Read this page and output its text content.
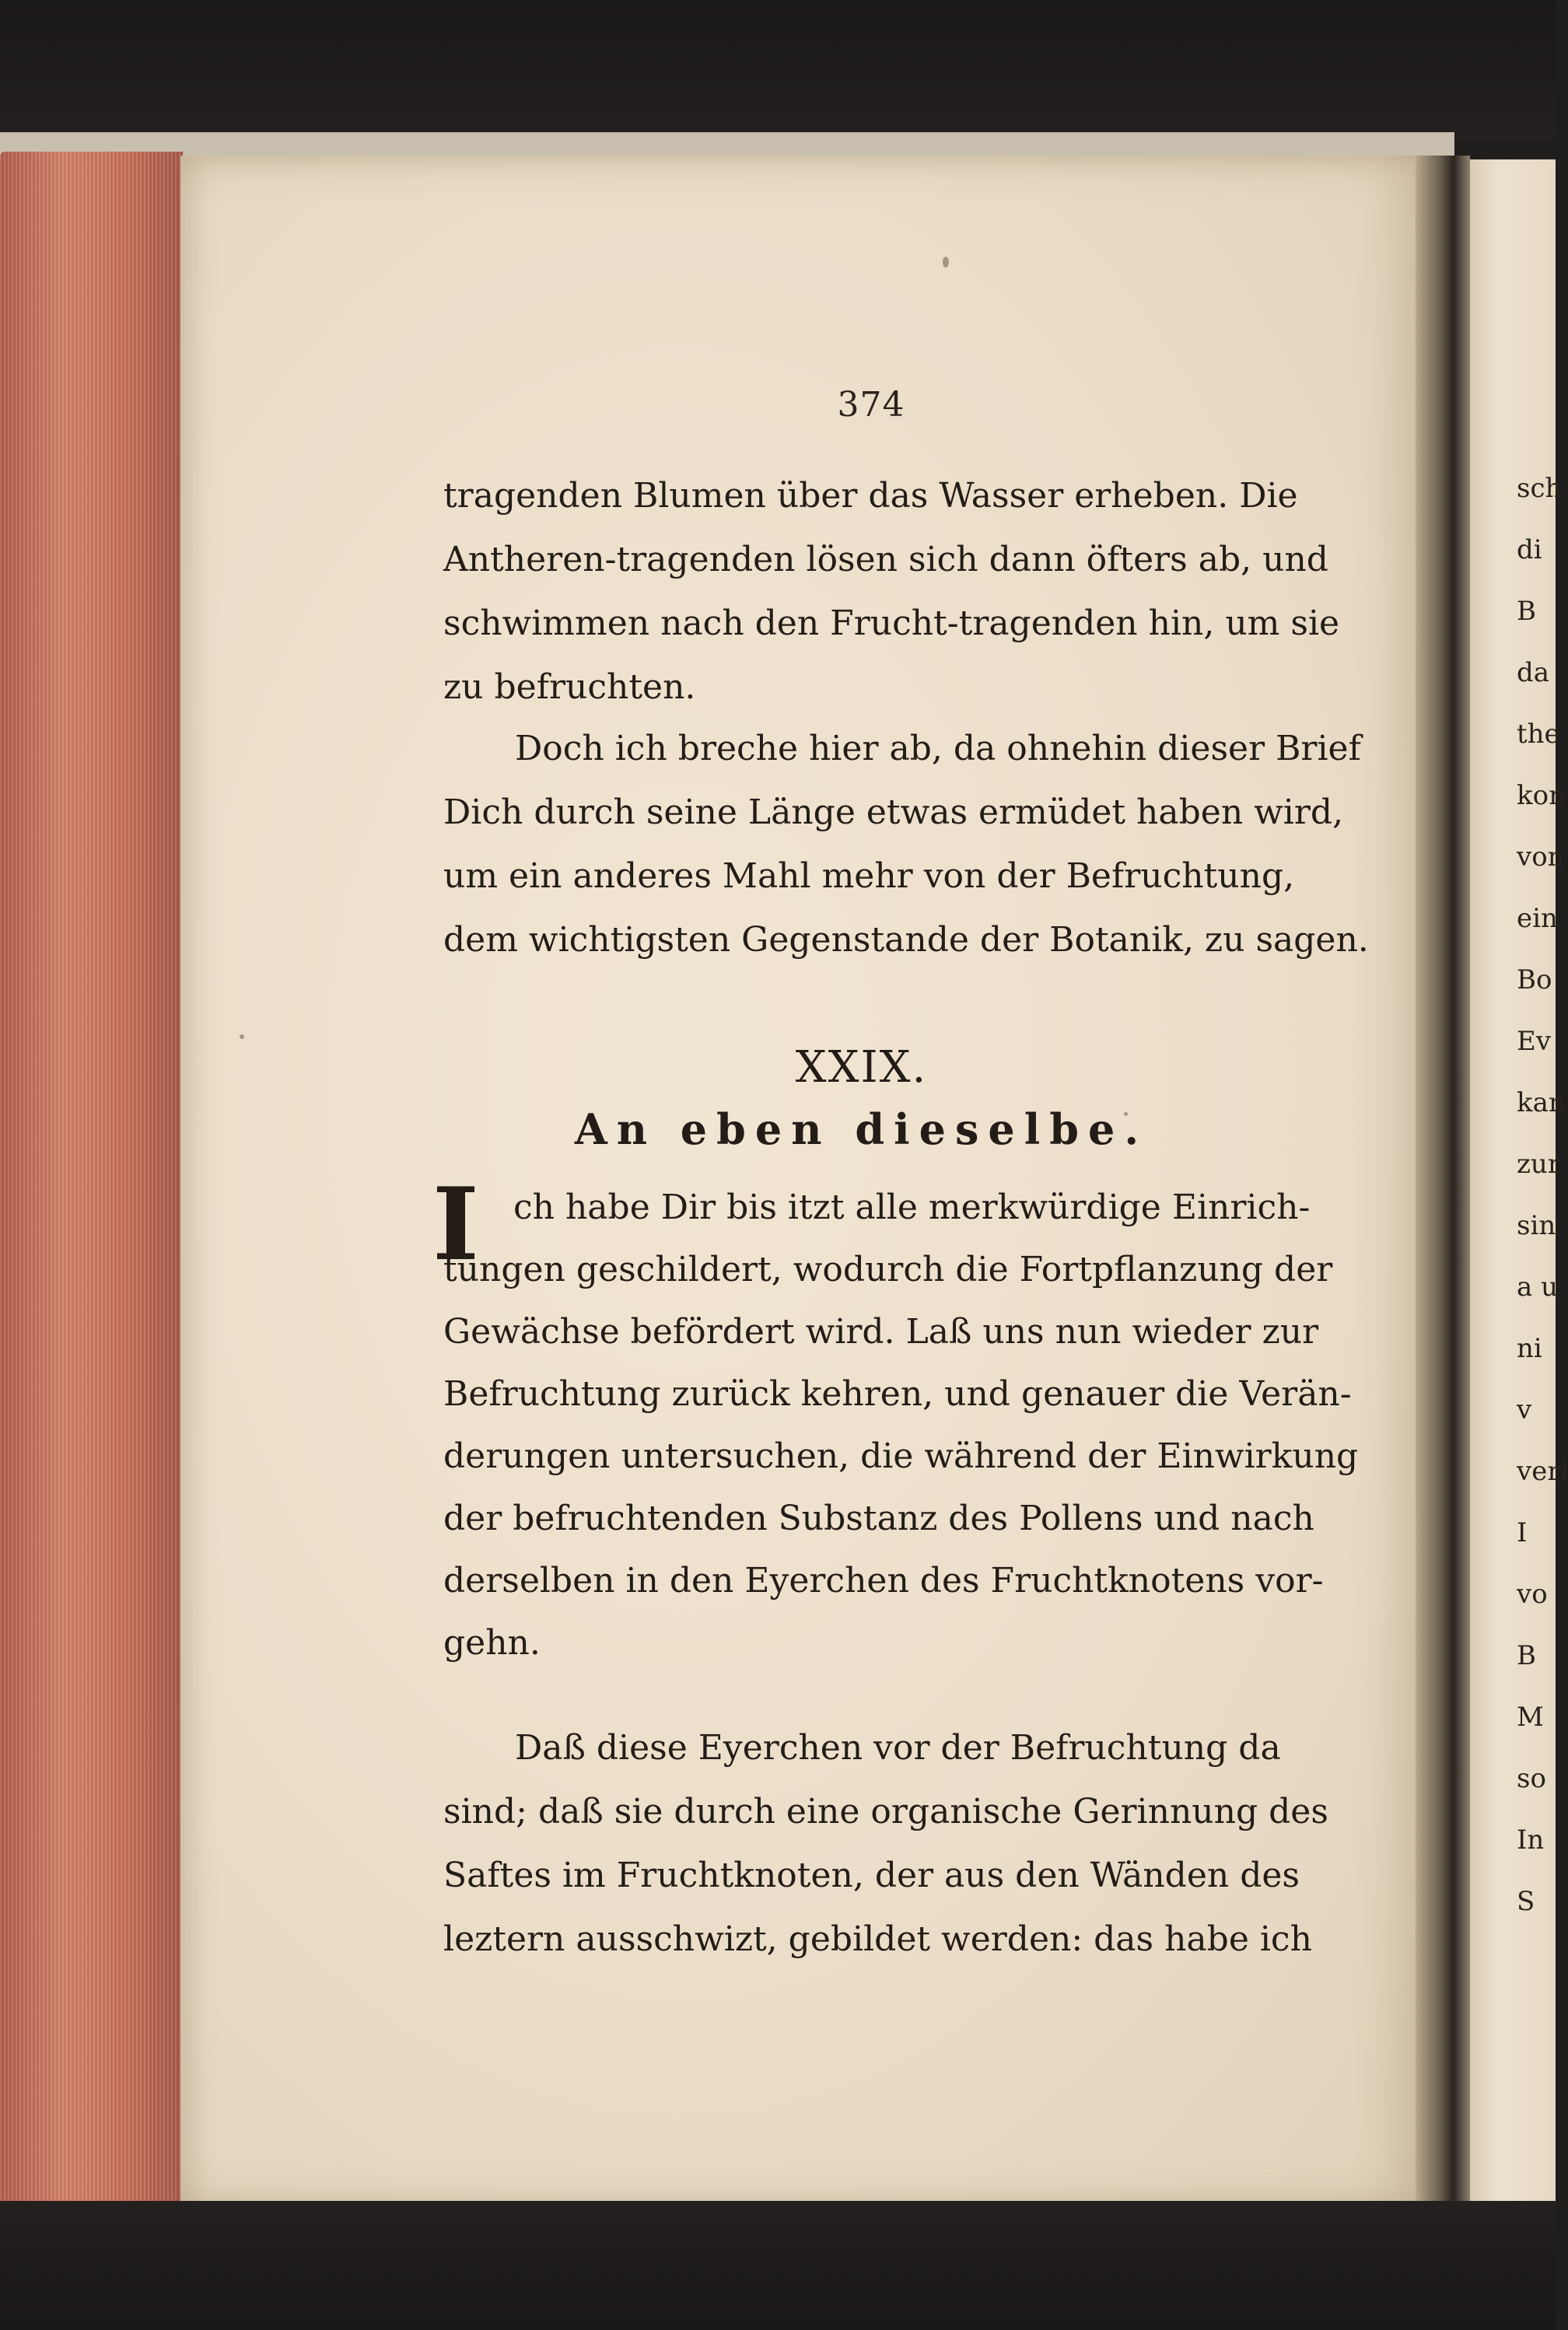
sch
di
B
da
the
kon
von
ein
Bo
Ev
kan
zur
sin
a u
ni
v
verl
I
vo
B
M
so
In
S
374
tragenden Blumen über das Wasser erheben. Die
Antheren-tragenden lösen sich dann öfters ab, und
schwimmen nach den Frucht-tragenden hin, um sie
zu befruchten.
Doch ich breche hier ab, da ohnehin dieser Brief
Dich durch seine Länge etwas ermüdet haben wird,
um ein anderes Mahl mehr von der Befruchtung,
dem wichtigsten Gegenstande der Botanik, zu sagen.
XXIX.
An eben dieselbe.
I	ch habe Dir bis itzt alle merkwürdige Einrich-
tungen geschildert, wodurch die Fortpflanzung der
Gewächse befördert wird. Laß uns nun wieder zur
Befruchtung zurück kehren, und genauer die Verän-
derungen untersuchen, die während der Einwirkung
der befruchtenden Substanz des Pollens und nach
derselben in den Eyerchen des Fruchtknotens vor-
gehn.
Daß diese Eyerchen vor der Befruchtung da
sind; daß sie durch eine organische Gerinnung des
Saftes im Fruchtknoten, der aus den Wänden des
leztern ausschwizt, gebildet werden: das habe ich
